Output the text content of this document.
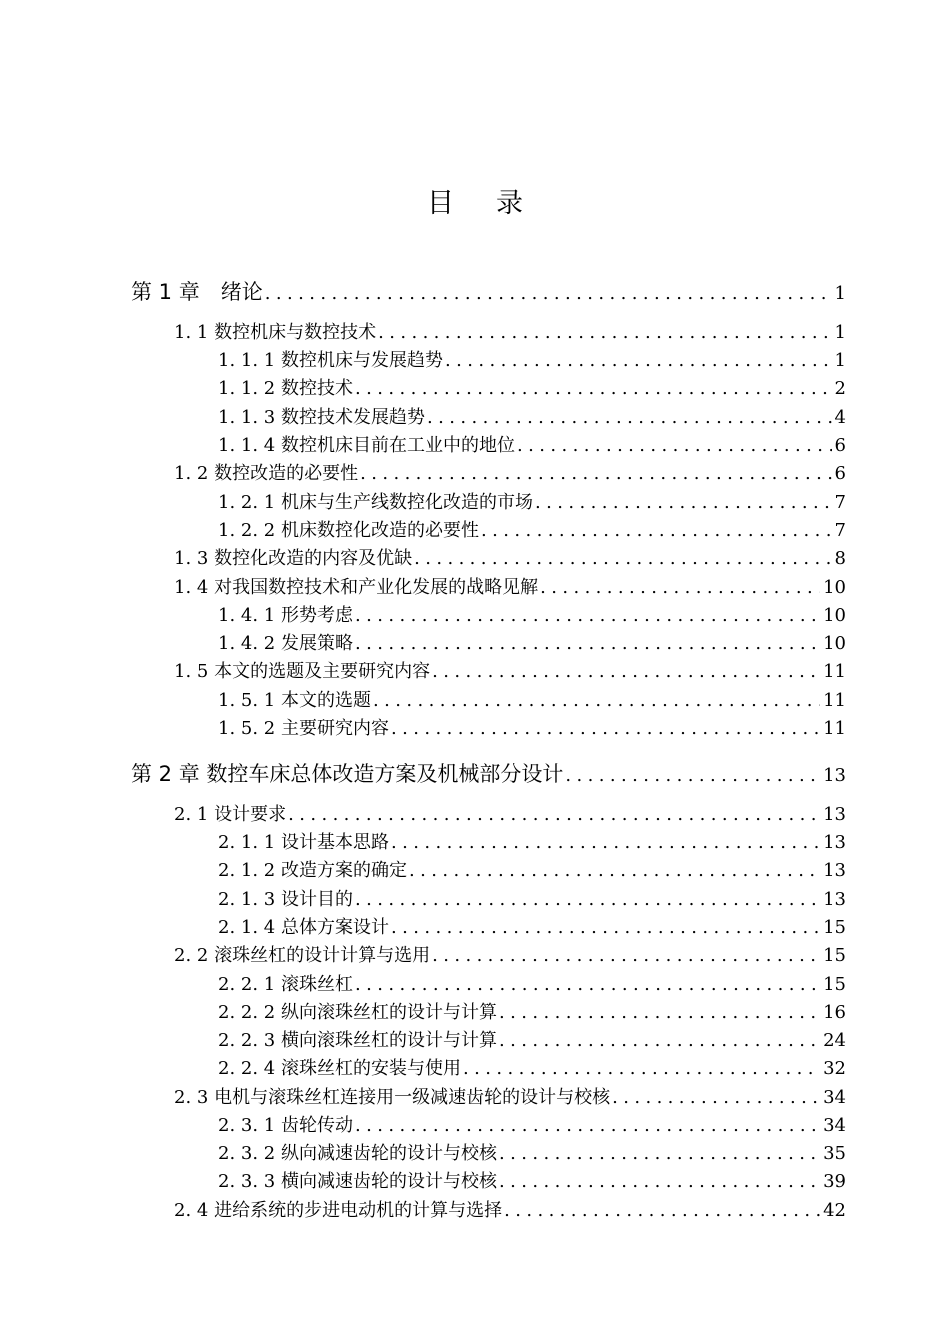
目录
第 1 章　绪论 .....	1
1. 1 数控机床与数控技术 .....	1
1. 1. 1 数控机床与发展趋势 .....	1
1. 1. 2 数控技术 .....	2
1. 1. 3 数控技术发展趋势 .....	4
1. 1. 4 数控机床目前在工业中的地位 .....	6
1. 2 数控改造的必要性 .....	6
1. 2. 1 机床与生产线数控化改造的市场 .....	7
1. 2. 2 机床数控化改造的必要性 .....	7
1. 3 数控化改造的内容及优缺 .....	8
1. 4 对我国数控技术和产业化发展的战略见解 .....	10
1. 4. 1 形势考虑 .....	10
1. 4. 2 发展策略 .....	10
1. 5 本文的选题及主要研究内容 .....	11
1. 5. 1 本文的选题 .....	11
1. 5. 2 主要研究内容 .....	11
第 2 章 数控车床总体改造方案及机械部分设计 .....	13
2. 1 设计要求 .....	13
2. 1. 1 设计基本思路 .....	13
2. 1. 2 改造方案的确定 .....	13
2. 1. 3 设计目的 .....	13
2. 1. 4 总体方案设计 .....	15
2. 2 滚珠丝杠的设计计算与选用 .....	15
2. 2. 1 滚珠丝杠 .....	15
2. 2. 2 纵向滚珠丝杠的设计与计算 .....	16
2. 2. 3 横向滚珠丝杠的设计与计算 .....	24
2. 2. 4 滚珠丝杠的安装与使用 .....	32
2. 3 电机与滚珠丝杠连接用一级减速齿轮的设计与校核 .....	34
2. 3. 1 齿轮传动 .....	34
2. 3. 2 纵向减速齿轮的设计与校核 .....	35
2. 3. 3 横向减速齿轮的设计与校核 .....	39
2. 4 进给系统的步进电动机的计算与选择 .....	42
